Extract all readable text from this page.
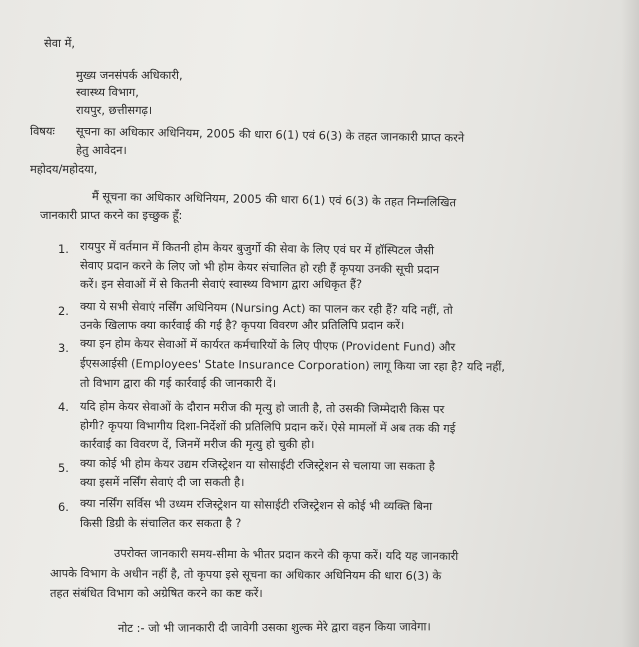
सेवा में,
मुख्य जनसंपर्क अधिकारी,
स्वास्थ्य विभाग,
रायपुर, छत्तीसगढ़।
विषयः सूचना का अधिकार अधिनियम, 2005 की धारा 6(1) एवं 6(3) के तहत जानकारी प्राप्त करने
हेतु आवेदन।
महोदय/महोदया,
मैं सूचना का अधिकार अधिनियम, 2005 की धारा 6(1) एवं 6(3) के तहत निम्नलिखित
जानकारी प्राप्त करने का इच्छुक हूँ:
1. रायपुर में वर्तमान में कितनी होम केयर बुजुर्गो की सेवा के लिए एवं घर में हॉस्पिटल जैसी
सेवाए प्रदान करने के लिए जो भी होम केयर संचालित हो रही हैं कृपया उनकी सूची प्रदान
करें। इन सेवाओं में से कितनी सेवाएं स्वास्थ्य विभाग द्वारा अधिकृत हैं?
2. क्या ये सभी सेवाएं नर्सिंग अधिनियम (Nursing Act) का पालन कर रही हैं? यदि नहीं, तो
उनके खिलाफ क्या कार्रवाई की गई है? कृपया विवरण और प्रतिलिपि प्रदान करें।
3. क्या इन होम केयर सेवाओं में कार्यरत कर्मचारियों के लिए पीएफ (Provident Fund) और
ईएसआईसी (Employees' State Insurance Corporation) लागू किया जा रहा है? यदि नहीं,
तो विभाग द्वारा की गई कार्रवाई की जानकारी दें।
4. यदि होम केयर सेवाओं के दौरान मरीज की मृत्यु हो जाती है, तो उसकी जिम्मेदारी किस पर
होगी? कृपया विभागीय दिशा-निर्देशों की प्रतिलिपि प्रदान करें। ऐसे मामलों में अब तक की गई
कार्रवाई का विवरण दें, जिनमें मरीज की मृत्यु हो चुकी हो।
5. क्या कोई भी होम केयर उद्यम रजिस्ट्रेशन या सोसाईटी रजिस्ट्रेशन से चलाया जा सकता है
क्या इसमें नर्सिंग सेवाएं दी जा सकती है।
6. क्या नर्सिंग सर्विस भी उध्यम रजिस्ट्रेशन या सोसाईटी रजिस्ट्रेशन से कोई भी व्यक्ति बिना
किसी डिग्री के संचालित कर सकता है ?
उपरोक्त जानकारी समय-सीमा के भीतर प्रदान करने की कृपा करें। यदि यह जानकारी
आपके विभाग के अधीन नहीं है, तो कृपया इसे सूचना का अधिकार अधिनियम की धारा 6(3) के
तहत संबंधित विभाग को अग्रेषित करने का कष्ट करें।
नोट :- जो भी जानकारी दी जावेगी उसका शुल्क मेरे द्वारा वहन किया जावेगा।
